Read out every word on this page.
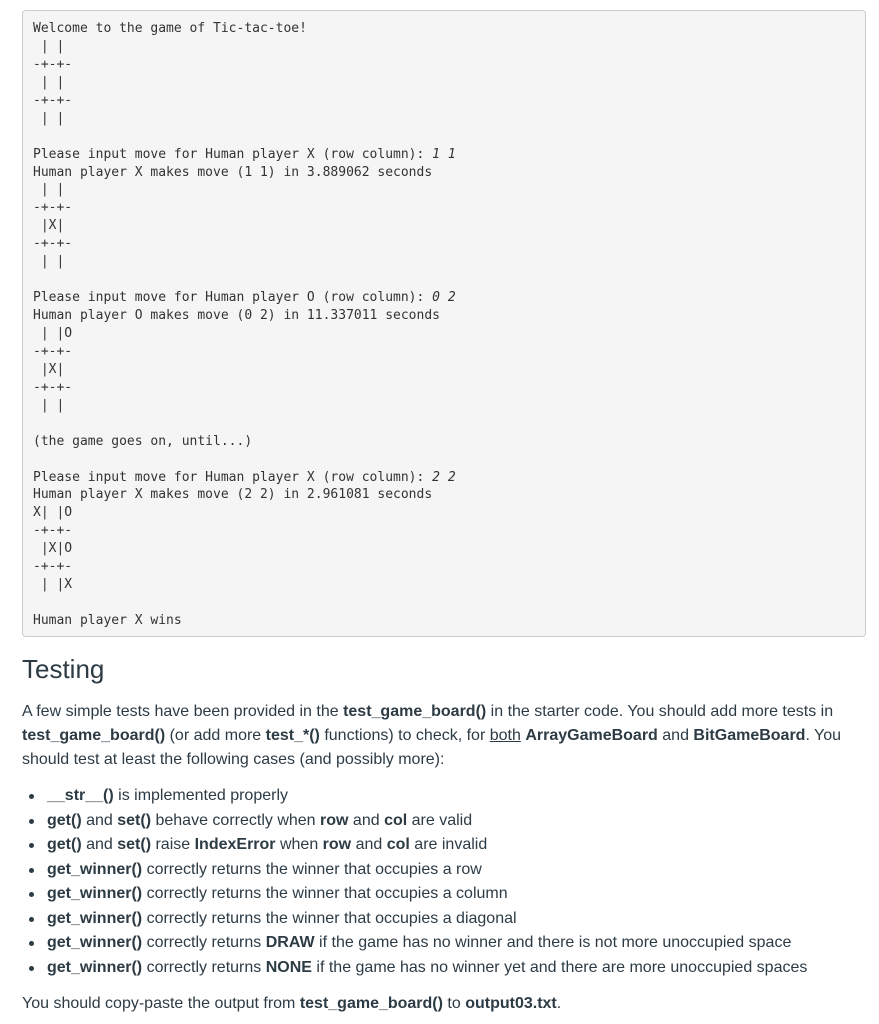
Welcome to the game of Tic-tac-toe!
| |
-+-+-
| |
-+-+-
| |
Please input move for Human player X (row column): 1 1
Human player X makes move (1 1) in 3.889062 seconds
| |
-+-+-
|X|
-+-+-
| |
Please input move for Human player O (row column): 0 2
Human player O makes move (0 2) in 11.337011 seconds
| |O
-+-+-
|X|
-+-+-
| |
(the game goes on, until...)
Please input move for Human player X (row column): 2 2
Human player X makes move (2 2) in 2.961081 seconds
X| |O
-+-+-
|X|O
-+-+-
| |X
Human player X wins
Testing

A few simple tests have been provided in the test_game_board() in the starter code. You should add more tests in test_game_board() (or add more test_*() functions) to check, for both ArrayGameBoard and BitGameBoard. You should test at least the following cases (and possibly more):

__str__() is implemented properly
get() and set() behave correctly when row and col are valid
get() and set() raise IndexError when row and col are invalid
get_winner() correctly returns the winner that occupies a row
get_winner() correctly returns the winner that occupies a column
get_winner() correctly returns the winner that occupies a diagonal
get_winner() correctly returns DRAW if the game has no winner and there is not more unoccupied space
get_winner() correctly returns NONE if the game has no winner yet and there are more unoccupied spaces

You should copy-paste the output from test_game_board() to output03.txt.
